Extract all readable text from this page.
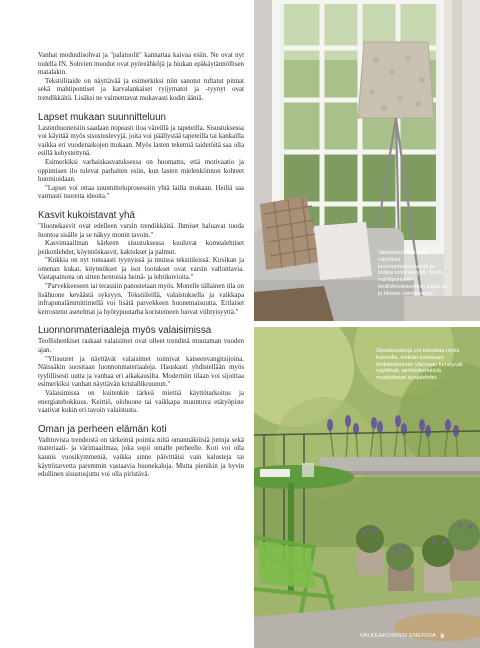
Vanhat moduulisohvat ja "palatuolit" kannattaa kaivaa esiin. Ne ovat nyt todella IN. Sohvien muodot ovat pyöreähköjä ja hiukan epäkäytännöllisen matalakin.

Tekstiilitaide on näyttävää ja esimerkiksi niin sanotut tuftatut pinnat sekä mahtipontiset ja karvalankaiset ryijymatot ja -tyynyt ovat trendikkäitä. Lisäksi ne vaimentavat mukavasti kodin ääniä.

Lapset mukaan suunnitteluun

Lastenhuoneisiin saadaan nopeasti iloa väreillä ja tapeteilla. Sisustuksessa voi käyttää myös sisustuslevyjä, joita voi päällystää tapeteilla tai kankailla vaikka eri vuodenaikojen mukaan. Myös lasten tekemiä taidetöitä saa olla esillä kehystettynä.

Esimerkiksi varhaiskasvatuksessa on huomattu, että motivaatio ja oppimisen ilo tulevat parhaiten esiin, kun lasten mielenkiinnon kohteet huomioidaan.

"Lapset voi ottaa suunnitteluprosessiin yhtä lailla mukaan. Heiltä saa varmasti tuoreita ideoita."

Kasvit kukoistavat yhä

"Huonekasvit ovat edelleen varsin trendikkäitä. Ihmiset haluavat tuoda luontoa sisälle ja se näkyy monin tavoin."

Kasvimaailman kärkeen sisustuksessa kuuluvat komealehtiset peikonlehdet, köynnöskasvit, kaktukset ja palmut.

"Kukkia on nyt runsaasti tyynyissä ja muissa tekstiileissä. Kirsikan ja omenan kukat, köynnökset ja isot lootukset ovat varsin valloittavia. Vastapainona on sitten hentoisia heinä- ja lehtikuvioita."

"Parvekkeeseen tai terassiin panostetaan myös. Monelle tällainen tila on lisähuone keväästä syksyyn. Tekstiileillä, valaistuksella ja vaikkapa infrapunalämmittimellä voi lisätä parvekkeen huonemaisuutta. Erilaiset kerrostetut asetelmat ja hyötypuutarha koristeineen luovat viihtyisyyttä."

Luonnonmateriaaleja myös valaisimissa

Teollishenkiset raskaat valaisimet ovat olleet trendinä muutaman vuoden ajan.

"Ylisuuret ja näyttävät valaisimet toimivat katseenvangitsijoina. Näissäkin suositaan luonnonmateriaaleja. Hauskasti yhdistellään myös tyylillisesti uutta ja vanhaa eri aikakausilta. Moderniin tilaan voi sijoittaa esimerkiksi vanhan näyttävän kristallikruunun."

Valaisimissa on kuitenkin tärkeä miettiä käyttötarkoitus ja energiatehokkuus. Keittiö, olohuone tai vaikkapa muuntuva etätyöpiste vaativat kukin eri tavoin valaistusta.

Oman ja perheen elämän koti

Vaihtuvista trendeistä on tärkeintä poimia niitä omannäköisiä juttuja sekä materiaali- ja värimaailmaa, joka sopii omalle perheelle. Koti voi olla kaunis vuosikymmeniä, vaikka sinne päivittäisi vain kalusteja tai käyttötarvetta paremmin vastaavia huonekaluja. Mutta pienikin ja hyvin edullinen sisustusjuttu voi olla piristävä.

Valaisimet ovat isoja, näyttäviä, luonnonmateriaaleja ja lisäksi sekä kevyitä. Kovin mahtipontiset teollishenkisemmin kausi on jo hiukan väistymässä.

Sisustusvärejä voi toteuttaa myös kasveilla. Heikän kookkaan tähkämäisinnin yläosaan kehittyvät näyttävät, perhoskemäisiä muistuttavat suojalehdet.

VALKEAKOSKEN ENERGIA 9
